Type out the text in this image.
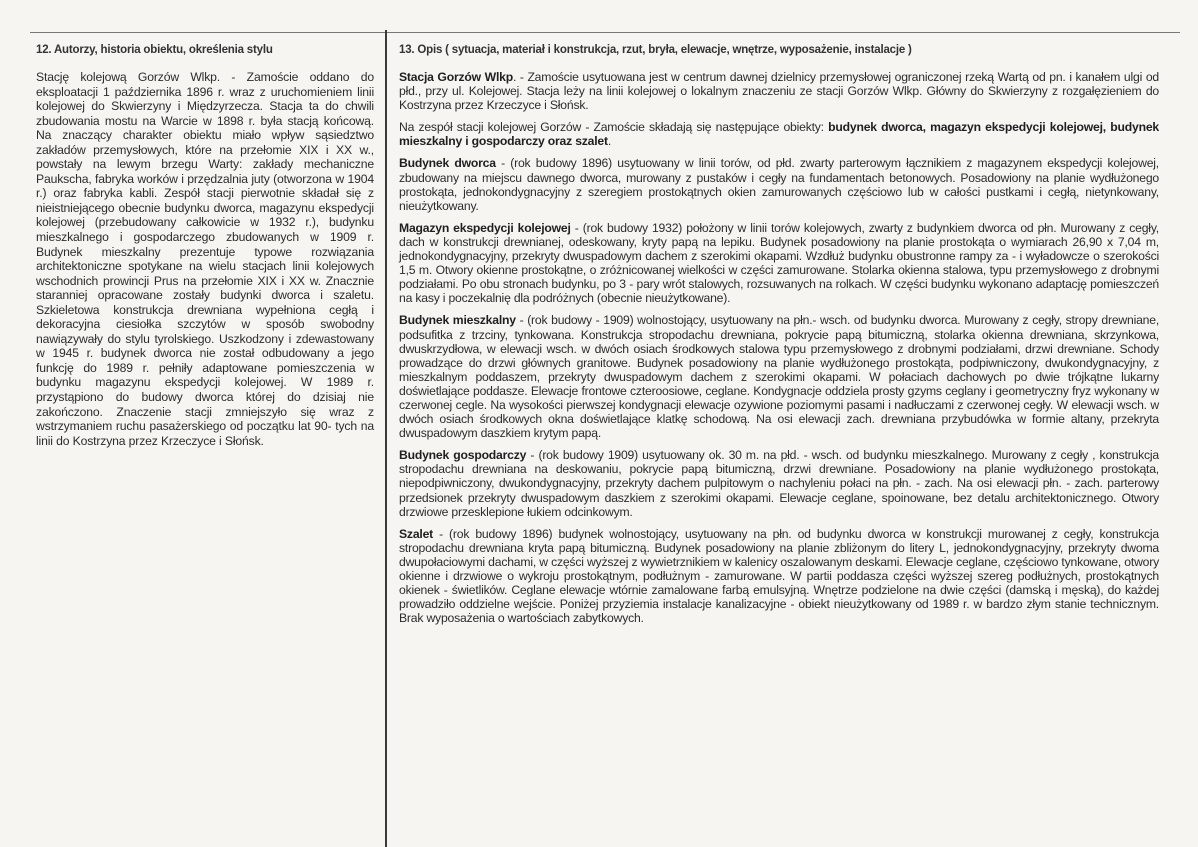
12. Autorzy, historia obiektu, określenia stylu

Stację kolejową Gorzów Wlkp. - Zamoście oddano do eksploatacji 1 października 1896 r. wraz z uruchomieniem linii kolejowej do Skwierzyny i Międzyrzecza. Stacja ta do chwili zbudowania mostu na Warcie w 1898 r. była stacją końcową. Na znaczący charakter obiektu miało wpływ sąsiedztwo zakładów przemysłowych, które na przełomie XIX i XX w., powstały na lewym brzegu Warty: zakłady mechaniczne Paukscha, fabryka worków i przędzalnia juty (otworzona w 1904 r.) oraz fabryka kabli. Zespół stacji pierwotnie składał się z nieistniejącego obecnie budynku dworca, magazynu ekspedycji kolejowej (przebudowany całkowicie w 1932 r.), budynku mieszkalnego i gospodarczego zbudowanych w 1909 r. Budynek mieszkalny prezentuje typowe rozwiązania architektoniczne spotykane na wielu stacjach linii kolejowych wschodnich prowincji Prus na przełomie XIX i XX w. Znacznie staranniej opracowane zostały budynki dworca i szaletu. Szkieletowa konstrukcja drewniana wypełniona cegłą i dekoracyjna ciesiołka szczytów w sposób swobodny nawiązywały do stylu tyrolskiego. Uszkodzony i zdewastowany w 1945 r. budynek dworca nie został odbudowany a jego funkcję do 1989 r. pełniły adaptowane pomieszczenia w budynku magazynu ekspedycji kolejowej. W 1989 r. przystąpiono do budowy dworca której do dzisiaj nie zakończono. Znaczenie stacji zmniejszyło się wraz z wstrzymaniem ruchu pasażerskiego od początku lat 90- tych na linii do Kostrzyna przez Krzeczyce i Słońsk.

13. Opis ( sytuacja, materiał i konstrukcja, rzut, bryła, elewacje, wnętrze, wyposażenie, instalacje )

Stacja Gorzów Wlkp. - Zamoście usytuowana jest w centrum dawnej dzielnicy przemysłowej ograniczonej rzeką Wartą od pn. i kanałem ulgi od płd., przy ul. Kolejowej. Stacja leży na linii kolejowej o lokalnym znaczeniu ze stacji Gorzów Wlkp. Główny do Skwierzyny z rozgałęzieniem do Kostrzyna przez Krzeczyce i Słońsk.

Na zespół stacji kolejowej Gorzów - Zamoście składają się następujące obiekty: budynek dworca, magazyn ekspedycji kolejowej, budynek mieszkalny i gospodarczy oraz szalet.

Budynek dworca - (rok budowy 1896) usytuowany w linii torów, od płd. zwarty parterowym łącznikiem z magazynem ekspedycji kolejowej, zbudowany na miejscu dawnego dworca, murowany z pustaków i cegły na fundamentach betonowych. Posadowiony na planie wydłużonego prostokąta, jednokondygnacyjny z szeregiem prostokątnych okien zamurowanych częściowo lub w całości pustkami i cegłą, nietynkowany, nieużytkowany.

Magazyn ekspedycji kolejowej - (rok budowy 1932) położony w linii torów kolejowych, zwarty z budynkiem dworca od płn. Murowany z cegły, dach w konstrukcji drewnianej, odeskowany, kryty papą na lepiku. Budynek posadowiony na planie prostokąta o wymiarach 26,90 x 7,04 m, jednokondygnacyjny, przekryty dwuspadowym dachem z szerokimi okapami. Wzdłuż budynku obustronne rampy za - i wyładowcze o szerokości 1,5 m. Otwory okienne prostokątne, o zróżnicowanej wielkości w części zamurowane. Stolarka okienna stalowa, typu przemysłowego z drobnymi podziałami. Po obu stronach budynku, po 3 - pary wrót stalowych, rozsuwanych na rolkach. W części budynku wykonano adaptację pomieszczeń na kasy i poczekalnię dla podróżnych (obecnie nieużytkowane).

Budynek mieszkalny - (rok budowy - 1909) wolnostojący, usytuowany na płn.- wsch. od budynku dworca. Murowany z cegły, stropy drewniane, podsufitka z trzciny, tynkowana. Konstrukcja stropodachu drewniana, pokrycie papą bitumiczną, stolarka okienna drewniana, skrzynkowa, dwuskrzydłowa, w elewacji wsch. w dwóch osiach środkowych stalowa typu przemysłowego z drobnymi podziałami, drzwi drewniane. Schody prowadzące do drzwi głównych granitowe. Budynek posadowiony na planie wydłużonego prostokąta, podpiwniczony, dwukondygnacyjny, z mieszkalnym poddaszem, przekryty dwuspadowym dachem z szerokimi okapami. W połaciach dachowych po dwie trójkątne lukarny doświetlające poddasze. Elewacje frontowe czteroosiowe, ceglane. Kondygnacje oddziela prosty gzyms ceglany i geometryczny fryz wykonany w czerwonej cegle. Na wysokości pierwszej kondygnacji elewacje ozywione poziomymi pasami i nadłuczami z czerwonej cegły. W elewacji wsch. w dwóch osiach środkowych okna doświetlające klatkę schodową. Na osi elewacji zach. drewniana przybudówka w formie altany, przekryta dwuspadowym daszkiem krytym papą.

Budynek gospodarczy - (rok budowy 1909) usytuowany ok. 30 m. na płd. - wsch. od budynku mieszkalnego. Murowany z cegły , konstrukcja stropodachu drewniana na deskowaniu, pokrycie papą bitumiczną, drzwi drewniane. Posadowiony na planie wydłużonego prostokąta, niepodpiwniczony, dwukondygnacyjny, przekryty dachem pulpitowym o nachyleniu połaci na płn. - zach. Na osi elewacji płn. - zach. parterowy przedsionek przekryty dwuspadowym daszkiem z szerokimi okapami. Elewacje ceglane, spoinowane, bez detalu architektonicznego. Otwory drzwiowe przesklepione łukiem odcinkowym.

Szalet - (rok budowy 1896) budynek wolnostojący, usytuowany na płn. od budynku dworca w konstrukcji murowanej z cegły, konstrukcja stropodachu drewniana kryta papą bitumiczną. Budynek posadowiony na planie zbliżonym do litery L, jednokondygnacyjny, przekryty dwoma dwupołaciowymi dachami, w części wyższej z wywietrznikiem w kalenicy oszalowanym deskami. Elewacje ceglane, częściowo tynkowane, otwory okienne i drzwiowe o wykroju prostokątnym, podłużnym - zamurowane. W partii poddasza części wyższej szereg podłużnych, prostokątnych okienek - świetlików. Ceglane elewacje wtórnie zamalowane farbą emulsyjną. Wnętrze podzielone na dwie części (damską i męską), do każdej prowadziło oddzielne wejście. Poniżej przyziemia instalacje kanalizacyjne - obiekt nieużytkowany od 1989 r. w bardzo złym stanie technicznym. Brak wyposażenia o wartościach zabytkowych.
